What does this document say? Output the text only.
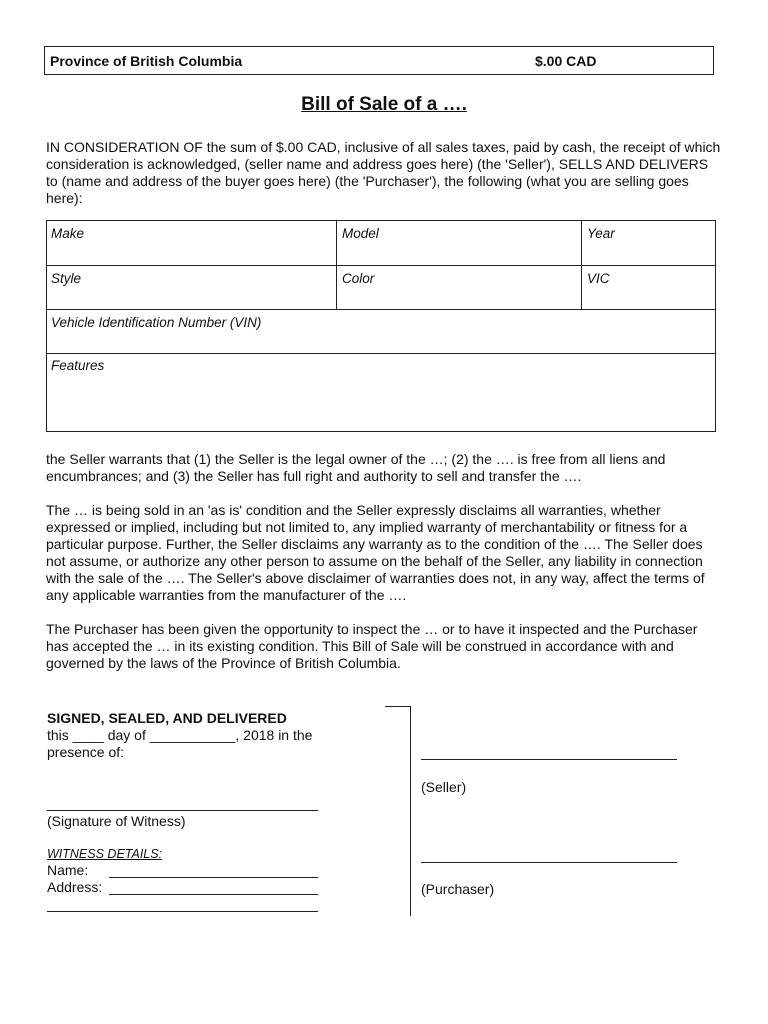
Province of British Columbia	$.00 CAD
Bill of Sale of a ….
IN CONSIDERATION OF the sum of $.00 CAD, inclusive of all sales taxes, paid by cash, the receipt of which consideration is acknowledged, (seller name and address goes here) (the 'Seller'), SELLS AND DELIVERS to (name and address of the buyer goes here) (the 'Purchaser'), the following (what you are selling goes here):
Make	Model	Year
Style	Color	VIC
Vehicle Identification Number (VIN)
Features
the Seller warrants that (1) the Seller is the legal owner of the …; (2) the …. is free from all liens and encumbrances; and (3) the Seller has full right and authority to sell and transfer the ….
The … is being sold in an 'as is' condition and the Seller expressly disclaims all warranties, whether expressed or implied, including but not limited to, any implied warranty of merchantability or fitness for a particular purpose. Further, the Seller disclaims any warranty as to the condition of the …. The Seller does not assume, or authorize any other person to assume on the behalf of the Seller, any liability in connection with the sale of the …. The Seller's above disclaimer of warranties does not, in any way, affect the terms of any applicable warranties from the manufacturer of the ….
The Purchaser has been given the opportunity to inspect the … or to have it inspected and the Purchaser has accepted the … in its existing condition. This Bill of Sale will be construed in accordance with and governed by the laws of the Province of British Columbia.
SIGNED, SEALED, AND DELIVERED
this ____ day of ___________, 2018 in the presence of:
(Signature of Witness)
WITNESS DETAILS:
Name:
Address:
(Seller)
(Purchaser)
